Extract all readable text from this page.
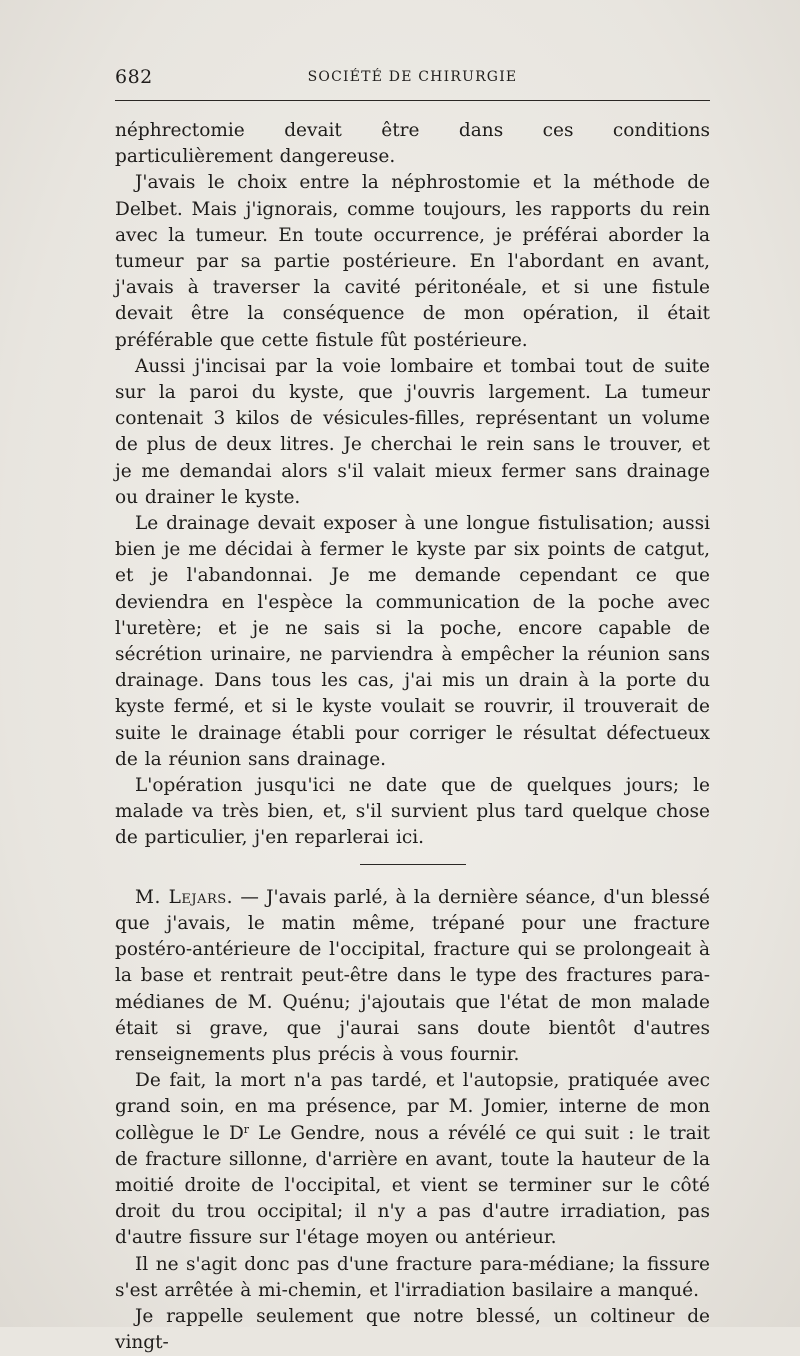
682	SOCIÉTÉ DE CHIRURGIE

néphrectomie devait être dans ces conditions particulièrement dangereuse.

J'avais le choix entre la néphrostomie et la méthode de Delbet. Mais j'ignorais, comme toujours, les rapports du rein avec la tumeur. En toute occurrence, je préférai aborder la tumeur par sa partie postérieure. En l'abordant en avant, j'avais à traverser la cavité péritonéale, et si une fistule devait être la conséquence de mon opération, il était préférable que cette fistule fût postérieure.

Aussi j'incisai par la voie lombaire et tombai tout de suite sur la paroi du kyste, que j'ouvris largement. La tumeur contenait 3 kilos de vésicules-filles, représentant un volume de plus de deux litres. Je cherchai le rein sans le trouver, et je me demandai alors s'il valait mieux fermer sans drainage ou drainer le kyste.

Le drainage devait exposer à une longue fistulisation; aussi bien je me décidai à fermer le kyste par six points de catgut, et je l'abandonnai. Je me demande cependant ce que deviendra en l'espèce la communication de la poche avec l'uretère; et je ne sais si la poche, encore capable de sécrétion urinaire, ne parviendra à empêcher la réunion sans drainage. Dans tous les cas, j'ai mis un drain à la porte du kyste fermé, et si le kyste voulait se rouvrir, il trouverait de suite le drainage établi pour corriger le résultat défectueux de la réunion sans drainage.

L'opération jusqu'ici ne date que de quelques jours; le malade va très bien, et, s'il survient plus tard quelque chose de particulier, j'en reparlerai ici.

M. Lejars. — J'avais parlé, à la dernière séance, d'un blessé que j'avais, le matin même, trépané pour une fracture postéro-antérieure de l'occipital, fracture qui se prolongeait à la base et rentrait peut-être dans le type des fractures para-médianes de M. Quénu; j'ajoutais que l'état de mon malade était si grave, que j'aurai sans doute bientôt d'autres renseignements plus précis à vous fournir.

De fait, la mort n'a pas tardé, et l'autopsie, pratiquée avec grand soin, en ma présence, par M. Jomier, interne de mon collègue le $D^r$ Le Gendre, nous a révélé ce qui suit : le trait de fracture sillonne, d'arrière en avant, toute la hauteur de la moitié droite de l'occipital, et vient se terminer sur le côté droit du trou occipital; il n'y a pas d'autre irradiation, pas d'autre fissure sur l'étage moyen ou antérieur.

Il ne s'agit donc pas d'une fracture para-médiane; la fissure s'est arrêtée à mi-chemin, et l'irradiation basilaire a manqué.

Je rappelle seulement que notre blessé, un coltineur de vingt-
